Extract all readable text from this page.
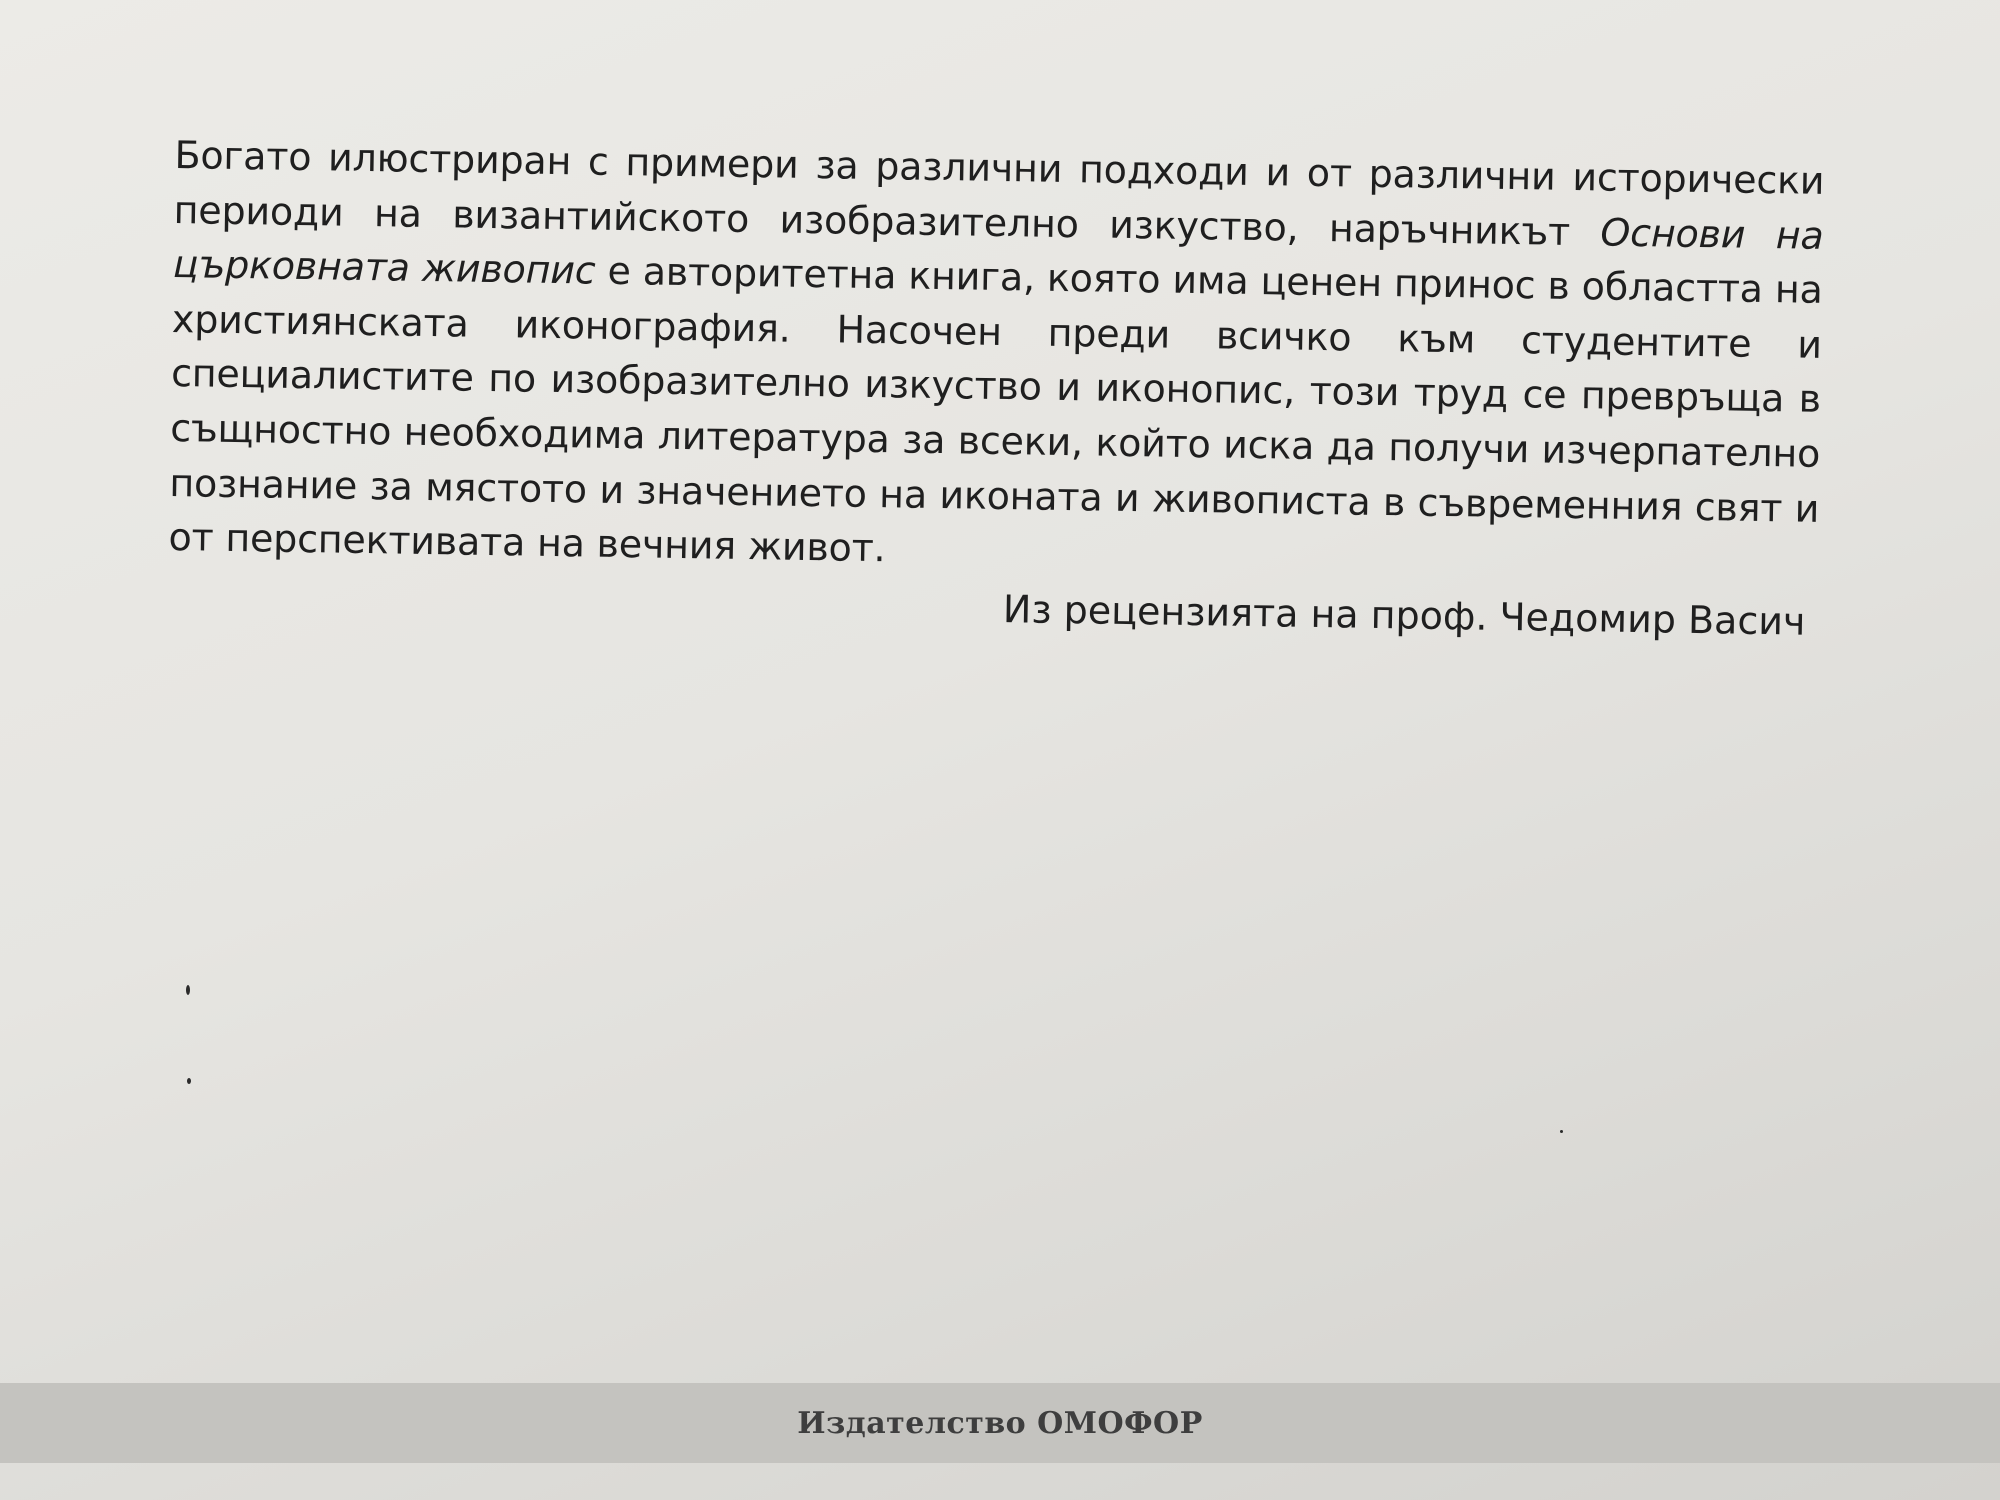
Богато илюстриран с примери за различни подходи и от различни исторически периоди на византийското изобразително изкуство, наръчникът Основи на църковната живопис е авторитетна книга, която има ценен принос в областта на християнската иконография. Насочен преди всичко към студентите и специалистите по изобразително изкуство и иконопис, този труд се превръща в същностно необходима литература за всеки, който иска да получи изчерпателно познание за мястото и значението на иконата и живописта в съвременния свят и от перспективата на вечния живот.

Из рецензията на проф. Чедомир Васич

Издателство ОМОФОР
